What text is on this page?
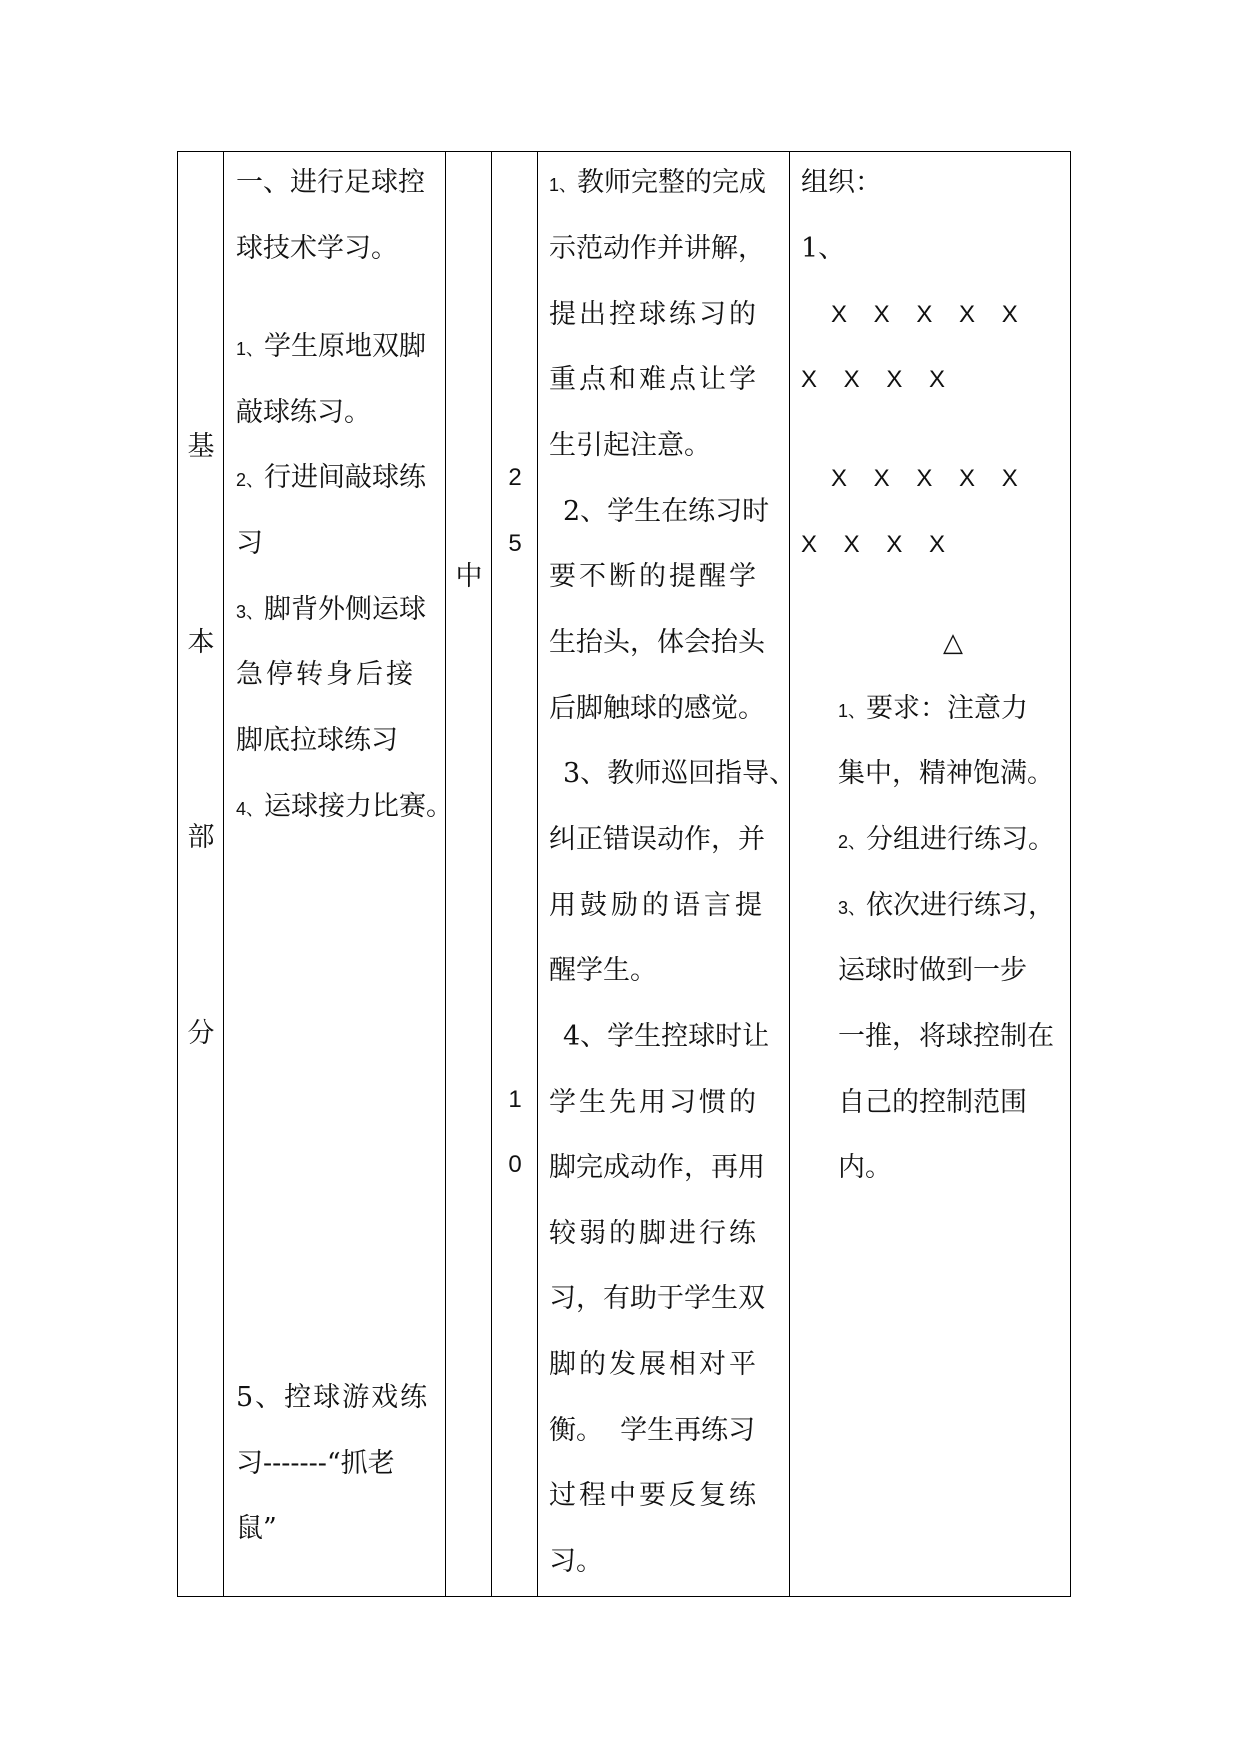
基
本
部
分
一、进行足球控
球技术学习。
1、学生原地双脚
敲球练习。
2、行进间敲球练
习
3、脚背外侧运球
急停转身后接
脚底拉球练习
4、运球接力比赛。
5、控球游戏练
习-------“抓老
鼠”
中
2
5
1
0
1、教师完整的完成
示范动作并讲解，
提出控球练习的
重点和难点让学
生引起注意。
2、学生在练习时
要不断的提醒学
生抬头，体会抬头
后脚触球的感觉。
3、教师巡回指导、
纠正错误动作，并
用鼓励的语言提
醒学生。
4、学生控球时让
学生先用习惯的
脚完成动作，再用
较弱的脚进行练
习，有助于学生双
脚的发展相对平
衡。  学生再练习
过程中要反复练
习。
组织：
1、
X X X X X
X X X X
X X X X X
X X X X
△
1、要求：注意力
集中，精神饱满。
2、分组进行练习。
3、依次进行练习，
运球时做到一步
一推，将球控制在
自己的控制范围
内。
